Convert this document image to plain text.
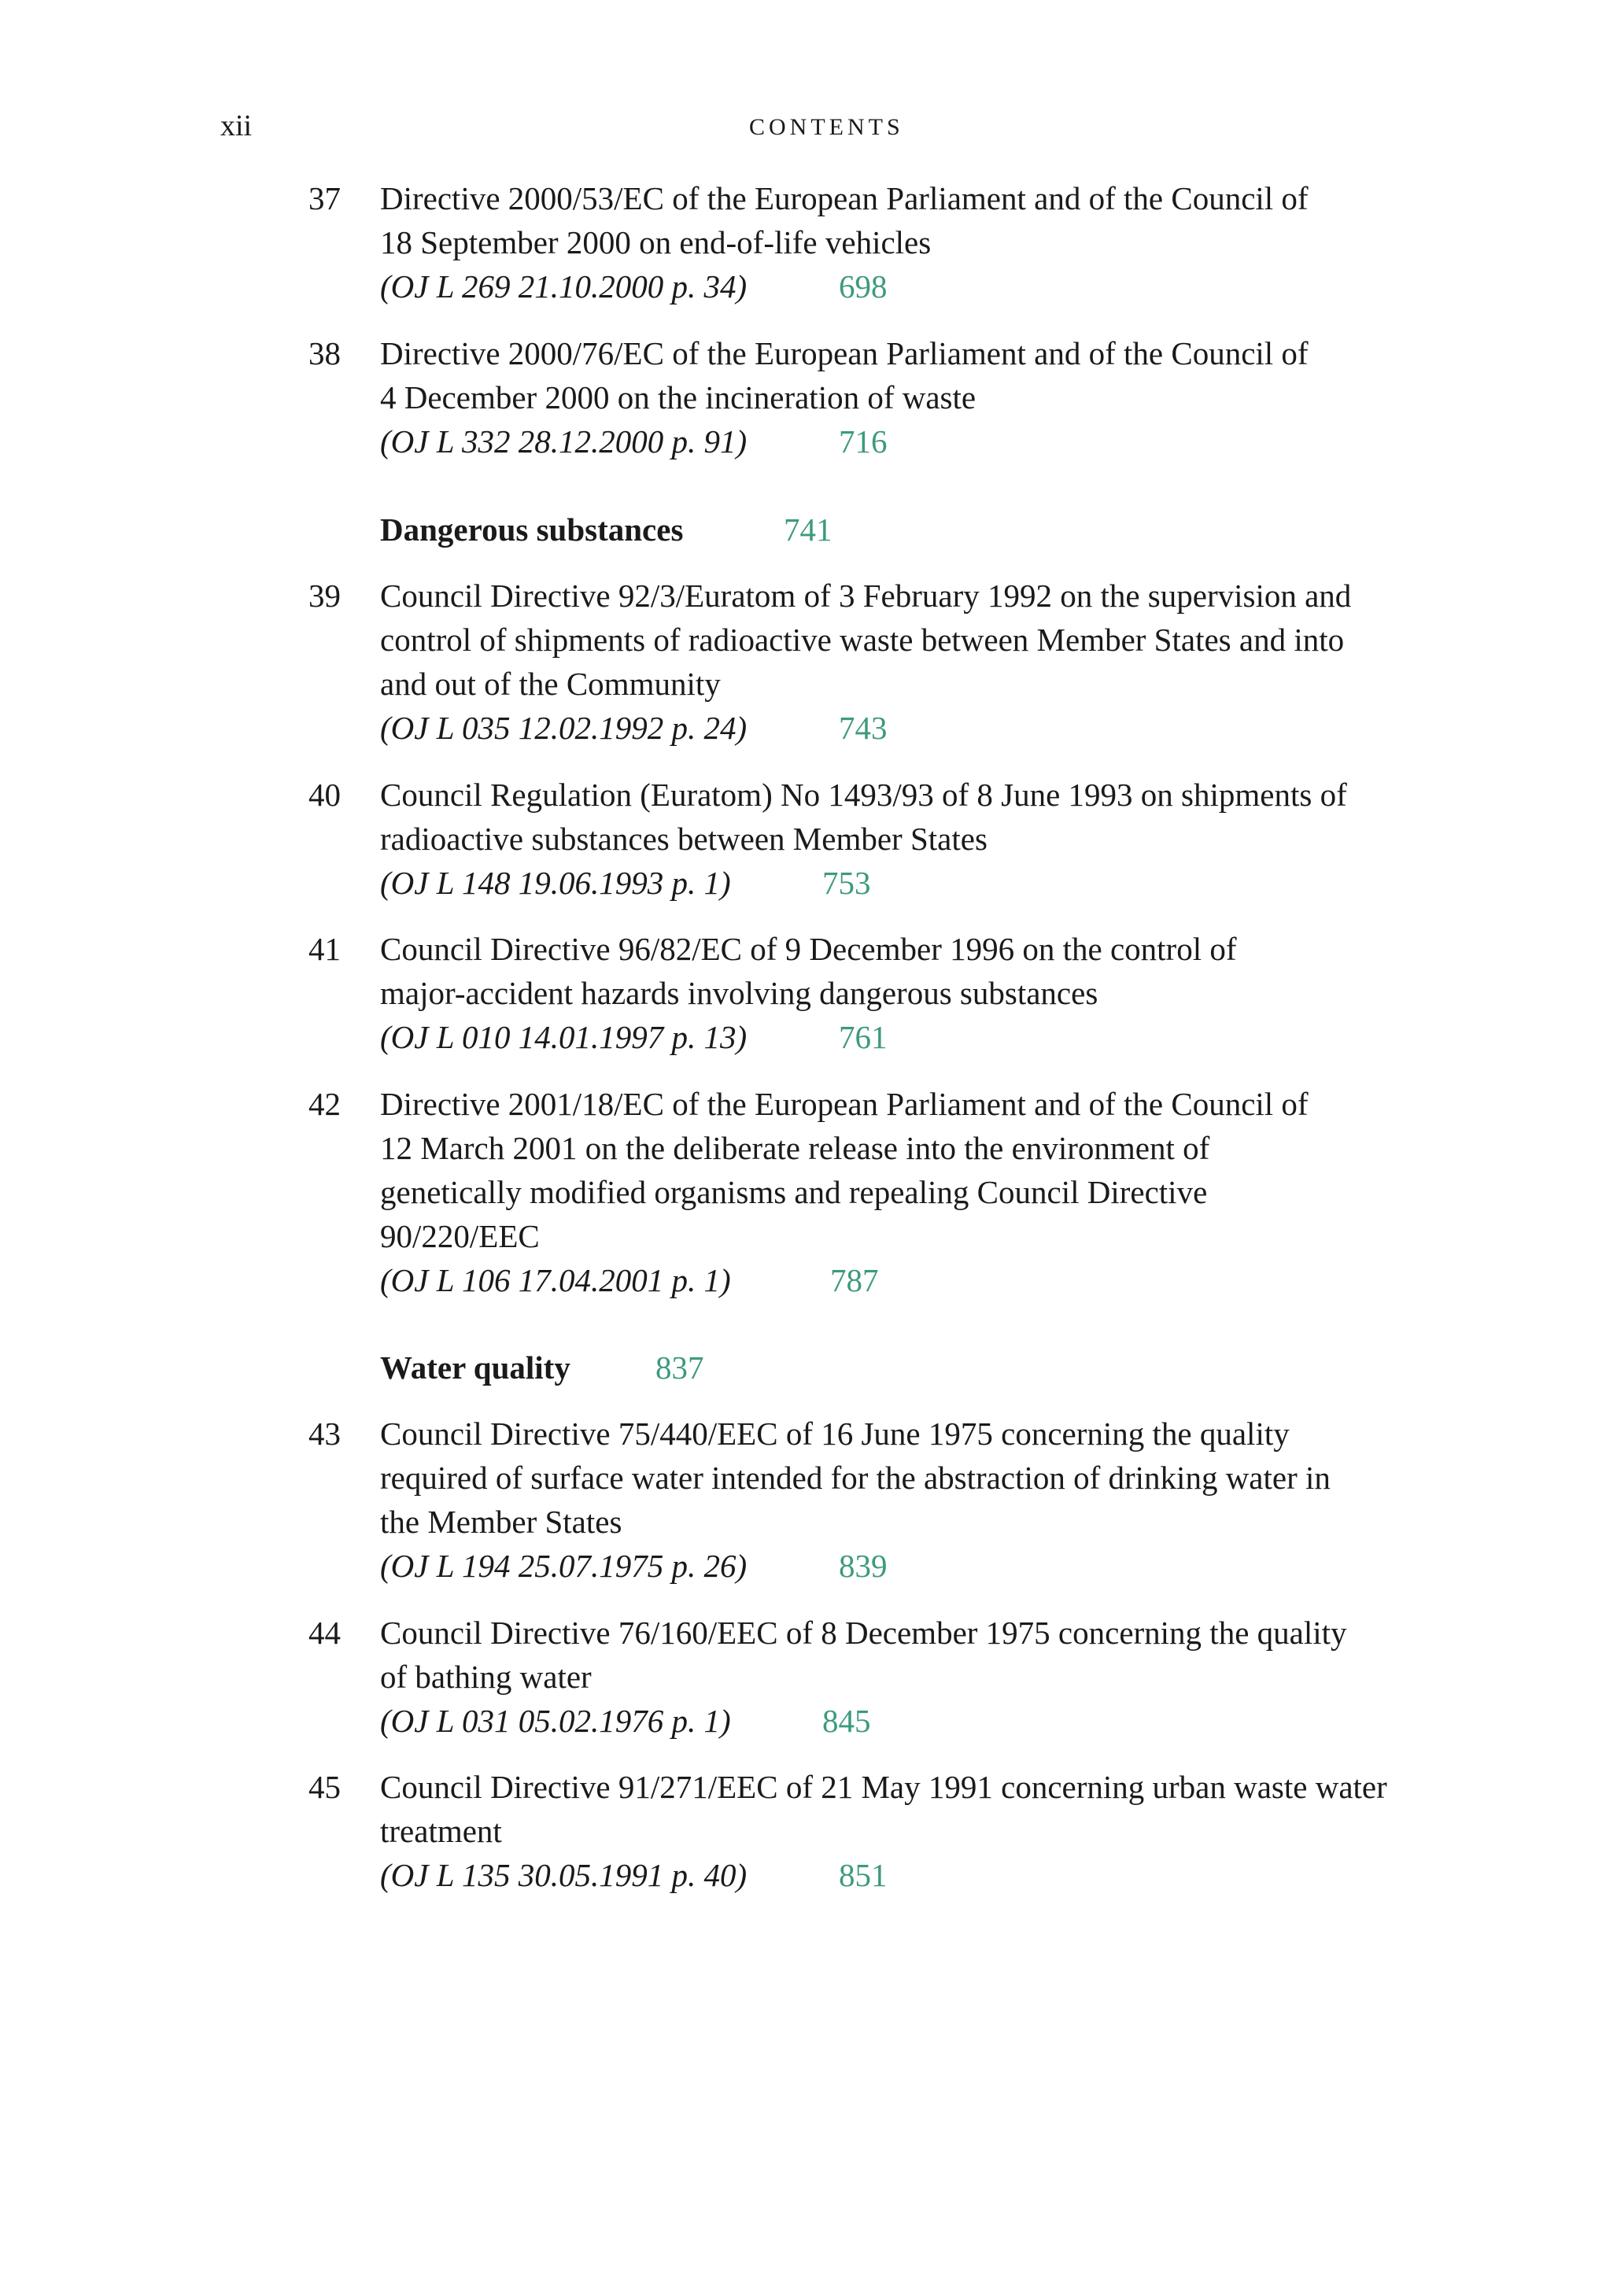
xii	CONTENTS
37 Directive 2000/53/EC of the European Parliament and of the Council of
18 September 2000 on end-of-life vehicles
(OJ L 269 21.10.2000 p. 34)	698
38 Directive 2000/76/EC of the European Parliament and of the Council of
4 December 2000 on the incineration of waste
(OJ L 332 28.12.2000 p. 91)	716
Dangerous substances	741
39 Council Directive 92/3/Euratom of 3 February 1992 on the supervision and
control of shipments of radioactive waste between Member States and into
and out of the Community
(OJ L 035 12.02.1992 p. 24)	743
40 Council Regulation (Euratom) No 1493/93 of 8 June 1993 on shipments of
radioactive substances between Member States
(OJ L 148 19.06.1993 p. 1)	753
41 Council Directive 96/82/EC of 9 December 1996 on the control of
major-accident hazards involving dangerous substances
(OJ L 010 14.01.1997 p. 13)	761
42 Directive 2001/18/EC of the European Parliament and of the Council of
12 March 2001 on the deliberate release into the environment of
genetically modified organisms and repealing Council Directive
90/220/EEC
(OJ L 106 17.04.2001 p. 1)	787
Water quality	837
43 Council Directive 75/440/EEC of 16 June 1975 concerning the quality
required of surface water intended for the abstraction of drinking water in
the Member States
(OJ L 194 25.07.1975 p. 26)	839
44 Council Directive 76/160/EEC of 8 December 1975 concerning the quality
of bathing water
(OJ L 031 05.02.1976 p. 1)	845
45 Council Directive 91/271/EEC of 21 May 1991 concerning urban waste water
treatment
(OJ L 135 30.05.1991 p. 40)	851
